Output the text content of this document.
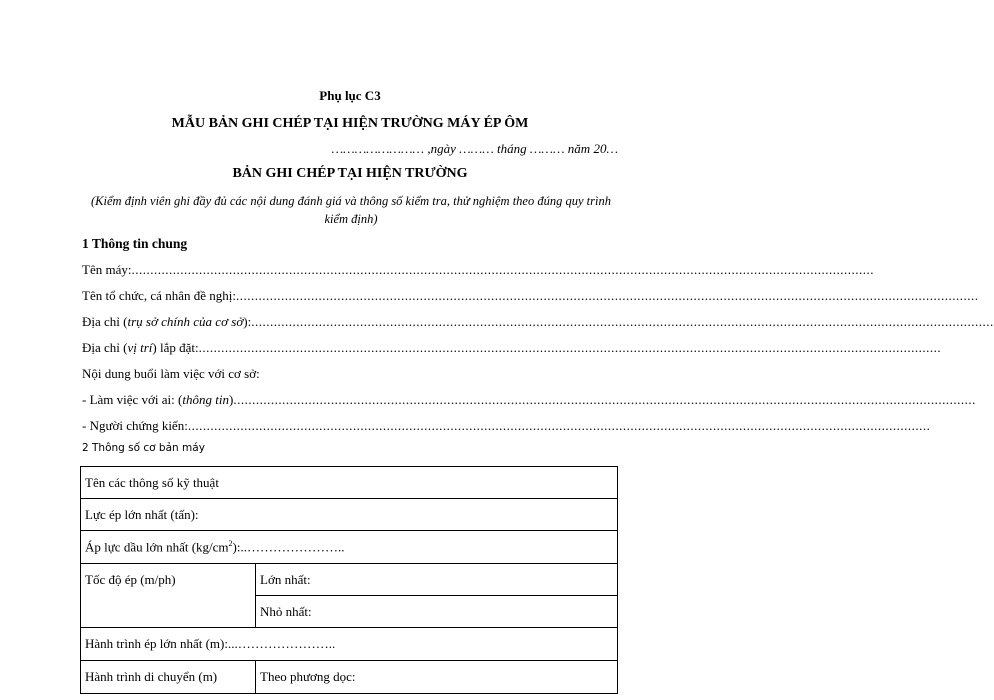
Phụ lục C3
MẪU BẢN GHI CHÉP TẠI HIỆN TRƯỜNG MÁY ÉP ÔM
…………………… ,ngày ……… tháng ……… năm 20…
BẢN GHI CHÉP TẠI HIỆN TRƯỜNG
(Kiểm định viên ghi đầy đủ các nội dung đánh giá và thông số kiểm tra, thử nghiệm theo đúng quy trình kiểm định)
1 Thông tin chung
Tên máy: ......................................................................................................................................................................................................
Tên tổ chức, cá nhân đề nghị: ......................................................................................................................................................................................................
Địa chỉ (trụ sở chính của cơ sở): ......................................................................................................................................................................................................
Địa chỉ (vị trí) lắp đặt: ......................................................................................................................................................................................................
Nội dung buổi làm việc với cơ sở:
- Làm việc với ai: (thông tin) ......................................................................................................................................................................................................
- Người chứng kiến: ......................................................................................................................................................................................................
2 Thông số cơ bản máy
Tên các thông số kỹ thuật	
Lực ép lớn nhất (tấn):	
Áp lực dầu lớn nhất $(kg/cm^2):..\dots\dots\dots\dots\dots\dots\dots$..	
Tốc độ ép (m/ph)	Lớn nhất:
	Nhỏ nhất:
Hành trình ép lớn nhất (m):...…………………..	
Hành trình di chuyển (m)	Theo phương dọc:
